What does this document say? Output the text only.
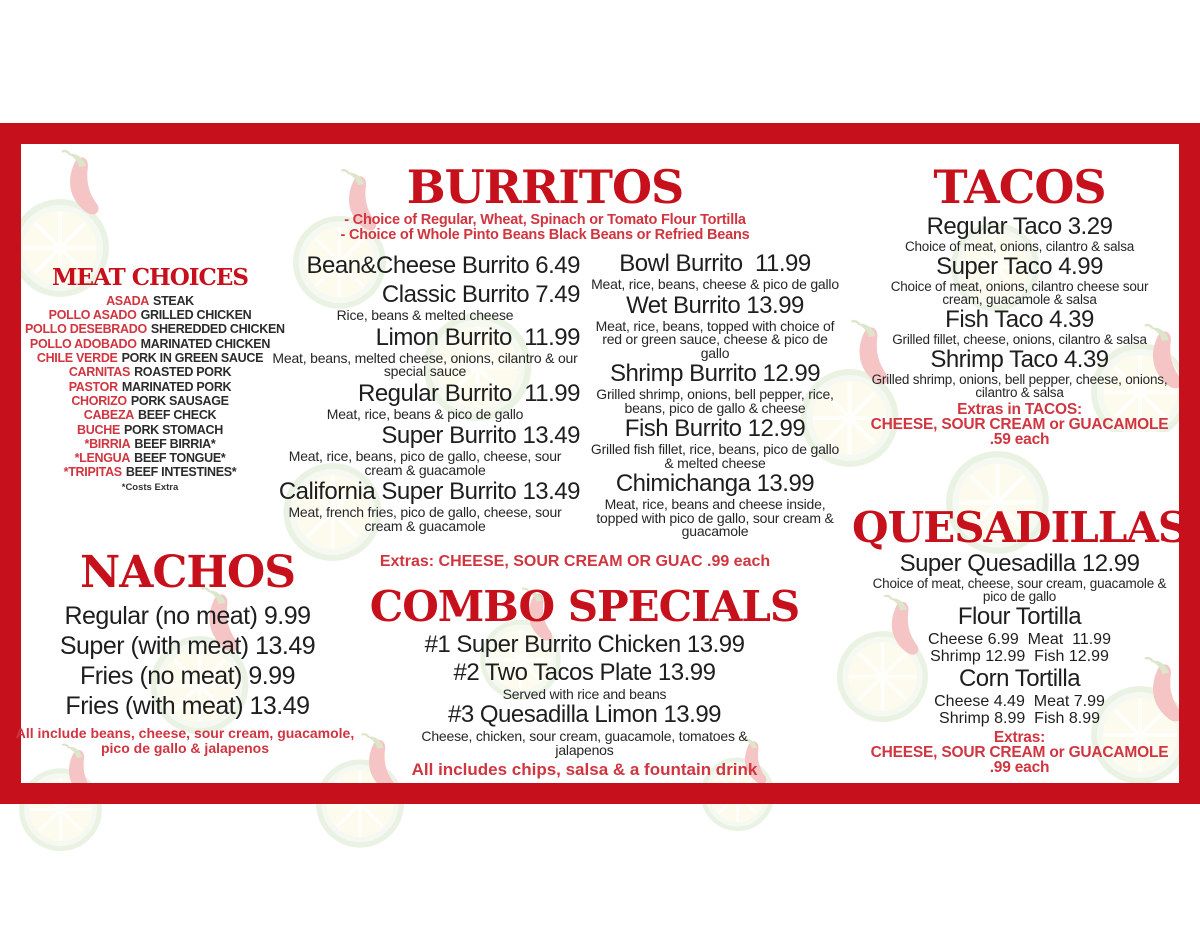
MEAT CHOICES
ASADA STEAK
POLLO ASADO GRILLED CHICKEN
POLLO DESEBRADO SHEREDDED CHICKEN
POLLO ADOBADO MARINATED CHICKEN
CHILE VERDE PORK IN GREEN SAUCE
CARNITAS ROASTED PORK
PASTOR MARINATED PORK
CHORIZO PORK SAUSAGE
CABEZA BEEF CHECK
BUCHE PORK STOMACH
*BIRRIA BEEF BIRRIA*
*LENGUA BEEF TONGUE*
*TRIPITAS BEEF INTESTINES*
*Costs Extra
BURRITOS
- Choice of Regular, Wheat, Spinach or Tomato Flour Tortilla
- Choice of Whole Pinto Beans Black Beans or Refried Beans
Bean&Cheese Burrito 6.49
Classic Burrito 7.49
Rice, beans & melted cheese
Limon Burrito  11.99
Meat, beans, melted cheese, onions, cilantro & our special sauce
Regular Burrito  11.99
Meat, rice, beans & pico de gallo
Super Burrito 13.49
Meat, rice, beans, pico de gallo, cheese, sour cream & guacamole
California Super Burrito 13.49
Meat, french fries, pico de gallo, cheese, sour cream & guacamole
Bowl Burrito  11.99
Meat, rice, beans, cheese & pico de gallo
Wet Burrito 13.99
Meat, rice, beans, topped with choice of red or green sauce, cheese & pico de gallo
Shrimp Burrito 12.99
Grilled shrimp, onions, bell pepper, rice, beans, pico de gallo & cheese
Fish Burrito 12.99
Grilled fish fillet, rice, beans, pico de gallo & melted cheese
Chimichanga 13.99
Meat, rice, beans and cheese inside, topped with pico de gallo, sour cream & guacamole
Extras: CHEESE, SOUR CREAM OR GUAC .99 each
COMBO SPECIALS
#1 Super Burrito Chicken 13.99
#2 Two Tacos Plate 13.99
Served with rice and beans
#3 Quesadilla Limon 13.99
Cheese, chicken, sour cream, guacamole, tomatoes & jalapenos
All includes chips, salsa & a fountain drink
NACHOS
Regular (no meat) 9.99
Super (with meat) 13.49
Fries (no meat) 9.99
Fries (with meat) 13.49
All include beans, cheese, sour cream, guacamole, pico de gallo & jalapenos
TACOS
Regular Taco 3.29
Choice of meat, onions, cilantro & salsa
Super Taco 4.99
Choice of meat, onions, cilantro cheese sour cream, guacamole & salsa
Fish Taco 4.39
Grilled fillet, cheese, onions, cilantro & salsa
Shrimp Taco 4.39
Grilled shrimp, onions, bell pepper, cheese, onions, cilantro & salsa
Extras in TACOS:
CHEESE, SOUR CREAM or GUACAMOLE
.59 each
QUESADILLAS
Super Quesadilla 12.99
Choice of meat, cheese, sour cream, guacamole & pico de gallo
Flour Tortilla
Cheese 6.99  Meat  11.99
Shrimp 12.99  Fish 12.99
Corn Tortilla
Cheese 4.49  Meat 7.99
Shrimp 8.99  Fish 8.99
Extras:
CHEESE, SOUR CREAM or GUACAMOLE
.99 each
